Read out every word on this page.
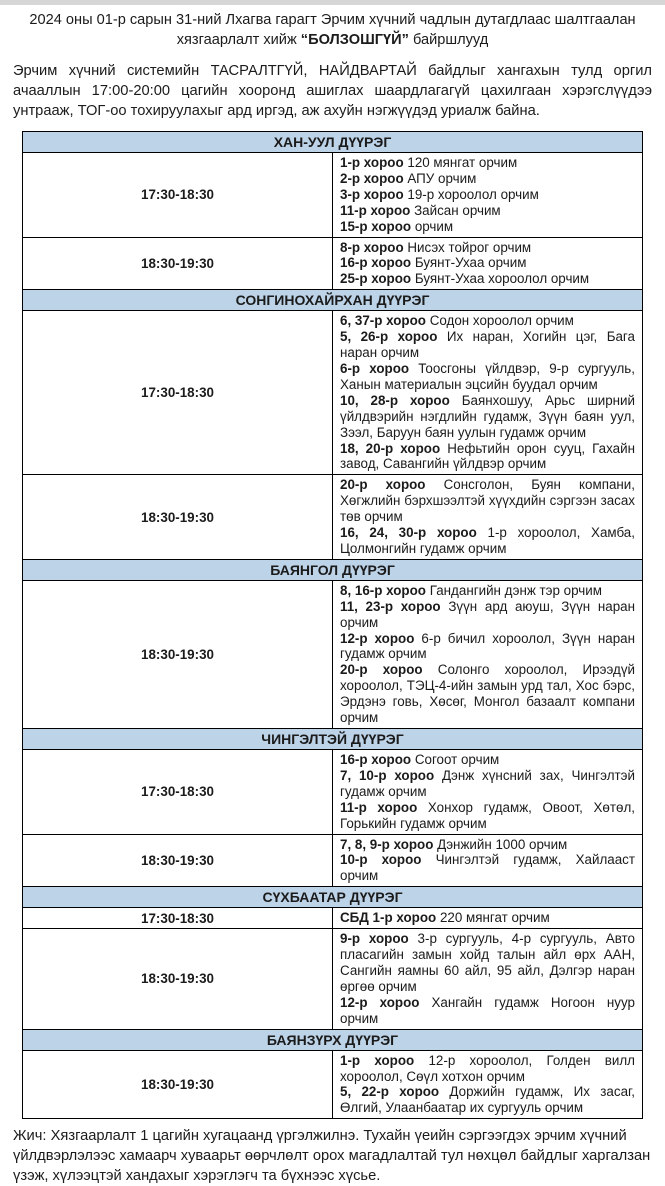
2024 оны 01-р сарын 31-ний Лхагва гарагт Эрчим хүчний чадлын дутагдлаас шалтгаалан хязгаарлалт хийж “БОЛЗОШГҮЙ” байршлууд
Эрчим хүчний системийн ТАСРАЛТГҮЙ, НАЙДВАРТАЙ байдлыг хангахын тулд оргил ачааллын 17:00-20:00 цагийн хооронд ашиглах шаардлагагүй цахилгаан хэрэгслүүдээ унтрааж, ТОГ-оо тохируулахыг ард иргэд, аж ахуйн нэгжүүдэд уриалж байна.
ХАН-УУЛ ДҮҮРЭГ	
17:30-18:30	1-р хороо 120 мянгат орчим
2-р хороо АПУ орчим
3-р хороо 19-р хороолол орчим
11-р хороо Зайсан орчим
15-р хороо орчим

18:30-19:30	8-р хороо Нисэх тойрог орчим
16-р хороо Буянт-Ухаа орчим
25-р хороо Буянт-Ухаа хороолол орчим

СОНГИНОХАЙРХАН ДҮҮРЭГ	
17:30-18:30	6, 37-р хороо Содон хороолол орчим
5, 26-р хороо Их наран, Хогийн цэг, Бага наран орчим
6-р хороо Тоосгоны үйлдвэр, 9-р сургууль, Ханын материалын эцсийн буудал орчим
10, 28-р хороо Баянхошуу, Арьс ширний үйлдвэрийн нэгдлийн гудамж, Зүүн баян уул, Зээл, Баруун баян уулын гудамж орчим
18, 20-р хороо Нефьтийн орон сууц, Гахайн завод, Савангийн үйлдвэр орчим

18:30-19:30	20-р хороо Сонсголон, Буян компани, Хөгжлийн бэрхшээлтэй хүүхдийн сэргээн засах төв орчим
16, 24, 30-р хороо 1-р хороолол, Хамба, Цолмонгийн гудамж орчим

БАЯНГОЛ ДҮҮРЭГ	
18:30-19:30	8, 16-р хороо Гандангийн дэнж тэр орчим
11, 23-р хороо Зүүн ард аюуш, Зүүн наран орчим
12-р хороо 6-р бичил хороолол, Зүүн наран гудамж орчим
20-р хороо Солонго хороолол, Ирээдүй хороолол, ТЭЦ-4-ийн замын урд тал, Хос бэрс, Эрдэнэ говь, Хөсөг, Монгол базаалт компани орчим

ЧИНГЭЛТЭЙ ДҮҮРЭГ	
17:30-18:30	16-р хороо Согоот орчим
7, 10-р хороо Дэнж хүнсний зах, Чингэлтэй гудамж орчим
11-р хороо Хонхор гудамж, Овоот, Хөтөл, Горькийн гудамж орчим

18:30-19:30	7, 8, 9-р хороо Дэнжийн 1000 орчим
10-р хороо Чингэлтэй гудамж, Хайлааст орчим

СҮХБААТАР ДҮҮРЭГ	
17:30-18:30	СБД 1-р хороо 220 мянгат орчим

18:30-19:30	9-р хороо 3-р сургууль, 4-р сургууль, Авто пласагийн замын хойд талын айл өрх ААН, Сангийн яамны 60 айл, 95 айл, Дэлгэр наран өргөө орчим
12-р хороо Хангайн гудамж Ногоон нуур орчим

БАЯНЗҮРХ ДҮҮРЭГ	
18:30-19:30	1-р хороо 12-р хороолол, Голден вилл хороолол, Сөүл хотхон орчим
5, 22-р хороо Доржийн гудамж, Их засаг, Өлгий, Улаанбаатар их сургууль орчим
Жич: Хязгаарлалт 1 цагийн хугацаанд үргэлжилнэ. Тухайн үеийн сэргээгдэх эрчим хүчний үйлдвэрлэлээс хамаарч хуваарьт өөрчлөлт орох магадлалтай тул нөхцөл байдлыг харгалзан үзэж, хүлээцтэй хандахыг хэрэглэгч та бүхнээс хүсье.
